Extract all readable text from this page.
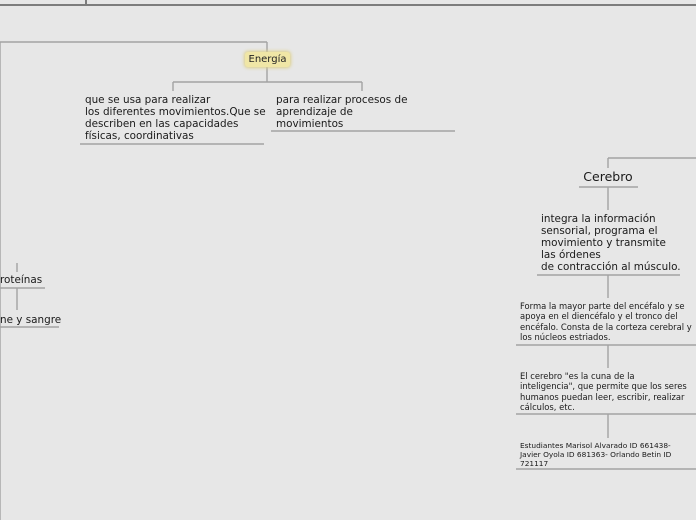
Energía
que se usa para realizar
los diferentes movimientos.Que se
describen en las capacidades
físicas, coordinativas
para realizar procesos de
aprendizaje de
movimientos
roteínas
ne y sangre
Cerebro
integra la información
sensorial, programa el
movimiento y transmite
las órdenes
de contracción al músculo.
Forma la mayor parte del encéfalo y se
apoya en el diencéfalo y el tronco del
encéfalo. Consta de la corteza cerebral y
los núcleos estriados.
El cerebro "es la cuna de la
inteligencia", que permite que los seres
humanos puedan leer, escribir, realizar
cálculos, etc.
Estudiantes Marisol Alvarado ID 661438-
Javier Oyola ID 681363- Orlando Betin ID
721117
